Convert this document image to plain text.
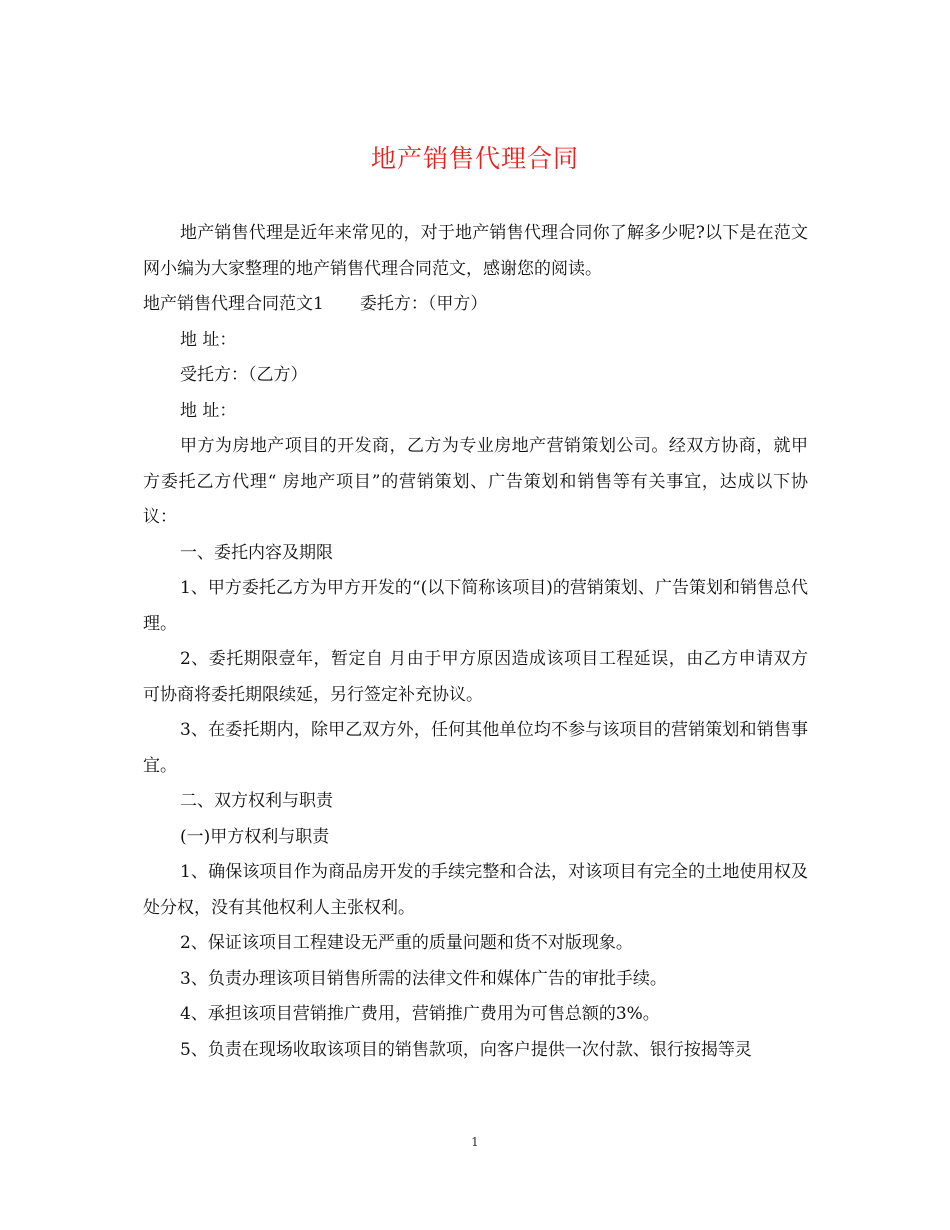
地产销售代理合同

地产销售代理是近年来常见的，对于地产销售代理合同你了解多少呢?以下是在范文网小编为大家整理的地产销售代理合同范文，感谢您的阅读。

地产销售代理合同范文1 委托方：（甲方）

地 址：

受托方：（乙方）

地 址：

甲方为房地产项目的开发商，乙方为专业房地产营销策划公司。经双方协商，就甲方委托乙方代理“ 房地产项目”的营销策划、广告策划和销售等有关事宜，达成以下协议：

一、委托内容及期限

1、甲方委托乙方为甲方开发的“(以下简称该项目)的营销策划、广告策划和销售总代理。

2、委托期限壹年，暂定自 月由于甲方原因造成该项目工程延误，由乙方申请双方可协商将委托期限续延，另行签定补充协议。

3、在委托期内，除甲乙双方外，任何其他单位均不参与该项目的营销策划和销售事宜。

二、双方权利与职责

(一)甲方权利与职责

1、确保该项目作为商品房开发的手续完整和合法，对该项目有完全的土地使用权及处分权，没有其他权利人主张权利。

2、保证该项目工程建设无严重的质量问题和货不对版现象。

3、负责办理该项目销售所需的法律文件和媒体广告的审批手续。

4、承担该项目营销推广费用，营销推广费用为可售总额的3%。

5、负责在现场收取该项目的销售款项，向客户提供一次付款、银行按揭等灵

1
